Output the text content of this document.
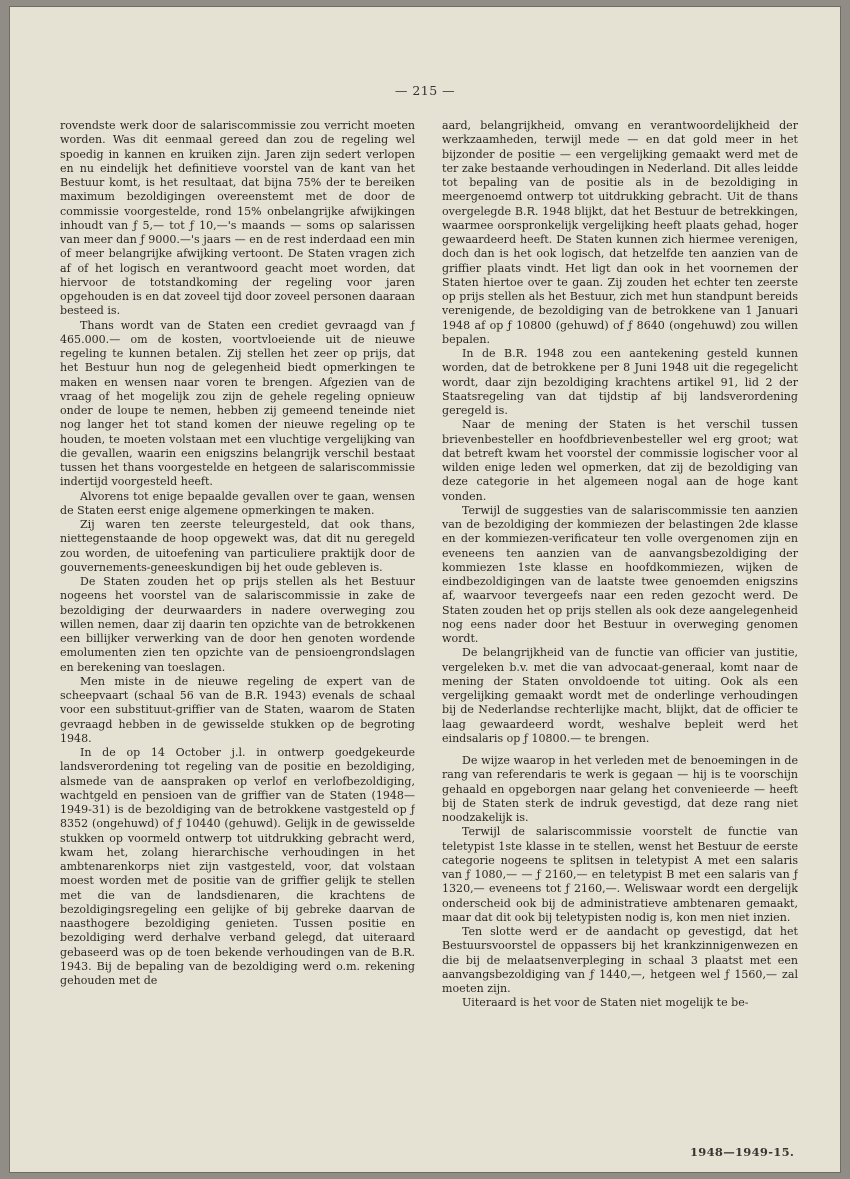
— 215 —

rovendste werk door de salariscommissie zou verricht moeten worden. Was dit eenmaal gereed dan zou de regeling wel spoedig in kannen en kruiken zijn. Jaren zijn sedert verlopen en nu eindelijk het definitieve voorstel van de kant van het Bestuur komt, is het resultaat, dat bijna 75% der te bereiken maximum bezoldigingen overeenstemt met de door de commissie voorgestelde, rond 15% onbelangrijke afwijkingen inhoudt van ƒ 5,— tot ƒ 10,—'s maands — soms op salarissen van meer dan ƒ 9000.—'s jaars — en de rest inderdaad een min of meer belangrijke afwijking vertoont. De Staten vragen zich af of het logisch en verantwoord geacht moet worden, dat hiervoor de totstandkoming der regeling voor jaren opgehouden is en dat zoveel tijd door zoveel personen daaraan besteed is.

Thans wordt van de Staten een crediet gevraagd van ƒ 465.000.— om de kosten, voortvloeiende uit de nieuwe regeling te kunnen betalen. Zij stellen het zeer op prijs, dat het Bestuur hun nog de gelegenheid biedt opmerkingen te maken en wensen naar voren te brengen. Afgezien van de vraag of het mogelijk zou zijn de gehele regeling opnieuw onder de loupe te nemen, hebben zij gemeend teneinde niet nog langer het tot stand komen der nieuwe regeling op te houden, te moeten volstaan met een vluchtige vergelijking van die gevallen, waarin een enigszins belangrijk verschil bestaat tussen het thans voorgestelde en hetgeen de salariscommissie indertijd voorgesteld heeft.

Alvorens tot enige bepaalde gevallen over te gaan, wensen de Staten eerst enige algemene opmerkingen te maken.

Zij waren ten zeerste teleurgesteld, dat ook thans, niettegenstaande de hoop opgewekt was, dat dit nu geregeld zou worden, de uitoefening van particuliere praktijk door de gouvernements-geneeskundigen bij het oude gebleven is.

De Staten zouden het op prijs stellen als het Bestuur nogeens het voorstel van de salariscommissie in zake de bezoldiging der deurwaarders in nadere overweging zou willen nemen, daar zij daarin ten opzichte van de betrokkenen een billijker verwerking van de door hen genoten wordende emolumenten zien ten opzichte van de pensioengrondslagen en berekening van toeslagen.

Men miste in de nieuwe regeling de expert van de scheepvaart (schaal 56 van de B.R. 1943) evenals de schaal voor een substituut-griffier van de Staten, waarom de Staten gevraagd hebben in de gewisselde stukken op de begroting 1948.

In de op 14 October j.l. in ontwerp goedgekeurde landsverordening tot regeling van de positie en bezoldiging, alsmede van de aanspraken op verlof en verlofbezoldiging, wachtgeld en pensioen van de griffier van de Staten (1948—1949-31) is de bezoldiging van de betrokkene vastgesteld op ƒ 8352 (ongehuwd) of ƒ 10440 (gehuwd). Gelijk in de gewisselde stukken op voormeld ontwerp tot uitdrukking gebracht werd, kwam het, zolang hierarchische verhoudingen in het ambtenarenkorps niet zijn vastgesteld, voor, dat volstaan moest worden met de positie van de griffier gelijk te stellen met die van de landsdienaren, die krachtens de bezoldigingsregeling een gelijke of bij gebreke daarvan de naasthogere bezoldiging genieten. Tussen positie en bezoldiging werd derhalve verband gelegd, dat uiteraard gebaseerd was op de toen bekende verhoudingen van de B.R. 1943. Bij de bepaling van de bezoldiging werd o.m. rekening gehouden met de

aard, belangrijkheid, omvang en verantwoordelijkheid der werkzaamheden, terwijl mede — en dat gold meer in het bijzonder de positie — een vergelijking gemaakt werd met de ter zake bestaande verhoudingen in Nederland. Dit alles leidde tot bepaling van de positie als in de bezoldiging in meergenoemd ontwerp tot uitdrukking gebracht. Uit de thans overgelegde B.R. 1948 blijkt, dat het Bestuur de betrekkingen, waarmee oorspronkelijk vergelijking heeft plaats gehad, hoger gewaardeerd heeft. De Staten kunnen zich hiermee verenigen, doch dan is het ook logisch, dat hetzelfde ten aanzien van de griffier plaats vindt. Het ligt dan ook in het voornemen der Staten hiertoe over te gaan. Zij zouden het echter ten zeerste op prijs stellen als het Bestuur, zich met hun standpunt bereids verenigende, de bezoldiging van de betrokkene van 1 Januari 1948 af op ƒ 10800 (gehuwd) of ƒ 8640 (ongehuwd) zou willen bepalen.

In de B.R. 1948 zou een aantekening gesteld kunnen worden, dat de betrokkene per 8 Juni 1948 uit die regegelicht wordt, daar zijn bezoldiging krachtens artikel 91, lid 2 der Staatsregeling van dat tijdstip af bij landsverordening geregeld is.

Naar de mening der Staten is het verschil tussen brievenbesteller en hoofdbrievenbesteller wel erg groot; wat dat betreft kwam het voorstel der commissie logischer voor al wilden enige leden wel opmerken, dat zij de bezoldiging van deze categorie in het algemeen nogal aan de hoge kant vonden.

Terwijl de suggesties van de salariscommissie ten aanzien van de bezoldiging der kommiezen der belastingen 2de klasse en der kommiezen-verificateur ten volle overgenomen zijn en eveneens ten aanzien van de aanvangsbezoldiging der kommiezen 1ste klasse en hoofdkommiezen, wijken de eindbezoldigingen van de laatste twee genoemden enigszins af, waarvoor tevergeefs naar een reden gezocht werd. De Staten zouden het op prijs stellen als ook deze aangelegenheid nog eens nader door het Bestuur in overweging genomen wordt.

De belangrijkheid van de functie van officier van justitie, vergeleken b.v. met die van advocaat-generaal, komt naar de mening der Staten onvoldoende tot uiting. Ook als een vergelijking gemaakt wordt met de onderlinge verhoudingen bij de Nederlandse rechterlijke macht, blijkt, dat de officier te laag gewaardeerd wordt, weshalve bepleit werd het eindsalaris op ƒ 10800.— te brengen.

De wijze waarop in het verleden met de benoemingen in de rang van referendaris te werk is gegaan — hij is te voorschijn gehaald en opgeborgen naar gelang het convenieerde — heeft bij de Staten sterk de indruk gevestigd, dat deze rang niet noodzakelijk is.

Terwijl de salariscommissie voorstelt de functie van teletypist 1ste klasse in te stellen, wenst het Bestuur de eerste categorie nogeens te splitsen in teletypist A met een salaris van ƒ 1080,— — ƒ 2160,— en teletypist B met een salaris van ƒ 1320,— eveneens tot ƒ 2160,—. Weliswaar wordt een dergelijk onderscheid ook bij de administratieve ambtenaren gemaakt, maar dat dit ook bij teletypisten nodig is, kon men niet inzien.

Ten slotte werd er de aandacht op gevestigd, dat het Bestuursvoorstel de oppassers bij het krankzinnigenwezen en die bij de melaatsenverpleging in schaal 3 plaatst met een aanvangsbezoldiging van ƒ 1440,—, hetgeen wel ƒ 1560,— zal moeten zijn.

Uiteraard is het voor de Staten niet mogelijk te be-

1948—1949-15.
